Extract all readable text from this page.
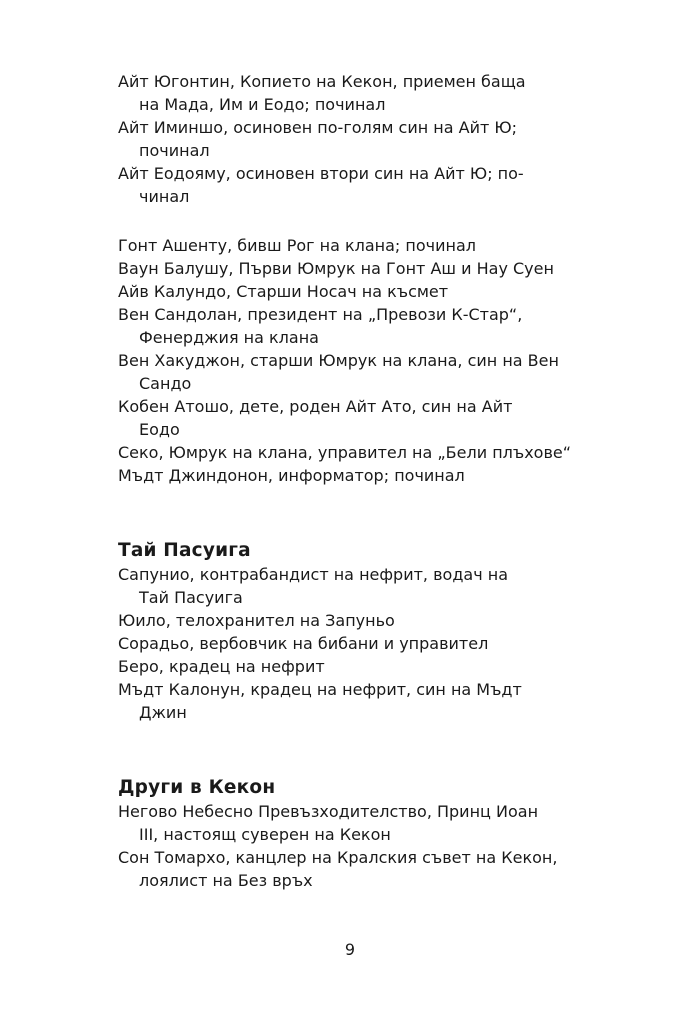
Айт Югонтин, Копието на Кекон, приемен баща
на Мада, Им и Еодо; починал
Айт Иминшо, осиновен по-голям син на Айт Ю;
починал
Айт Еодояму, осиновен втори син на Айт Ю; по-
чинал
Гонт Ашенту, бивш Рог на клана; починал
Ваун Балушу, Първи Юмрук на Гонт Аш и Нау Суен
Айв Калундо, Старши Носач на късмет
Вен Сандолан, президент на „Превози К-Стар“,
Фенерджия на клана
Вен Хакуджон, старши Юмрук на клана, син на Вен
Сандо
Кобен Атошо, дете, роден Айт Ато, син на Айт
Еодо
Секо, Юмрук на клана, управител на „Бели плъхове“
Мъдт Джиндонон, информатор; починал
Тай Пасуига
Сапунио, контрабандист на нефрит, водач на
Тай Пасуига
Юило, телохранител на Запуньо
Сорадьо, вербовчик на бибани и управител
Беро, крадец на нефрит
Мъдт Калонун, крадец на нефрит, син на Мъдт
Джин
Други в Кекон
Негово Небесно Превъзходителство, Принц Иоан
III, настоящ суверен на Кекон
Сон Томархо, канцлер на Кралския съвет на Кекон,
лоялист на Без връх
9
